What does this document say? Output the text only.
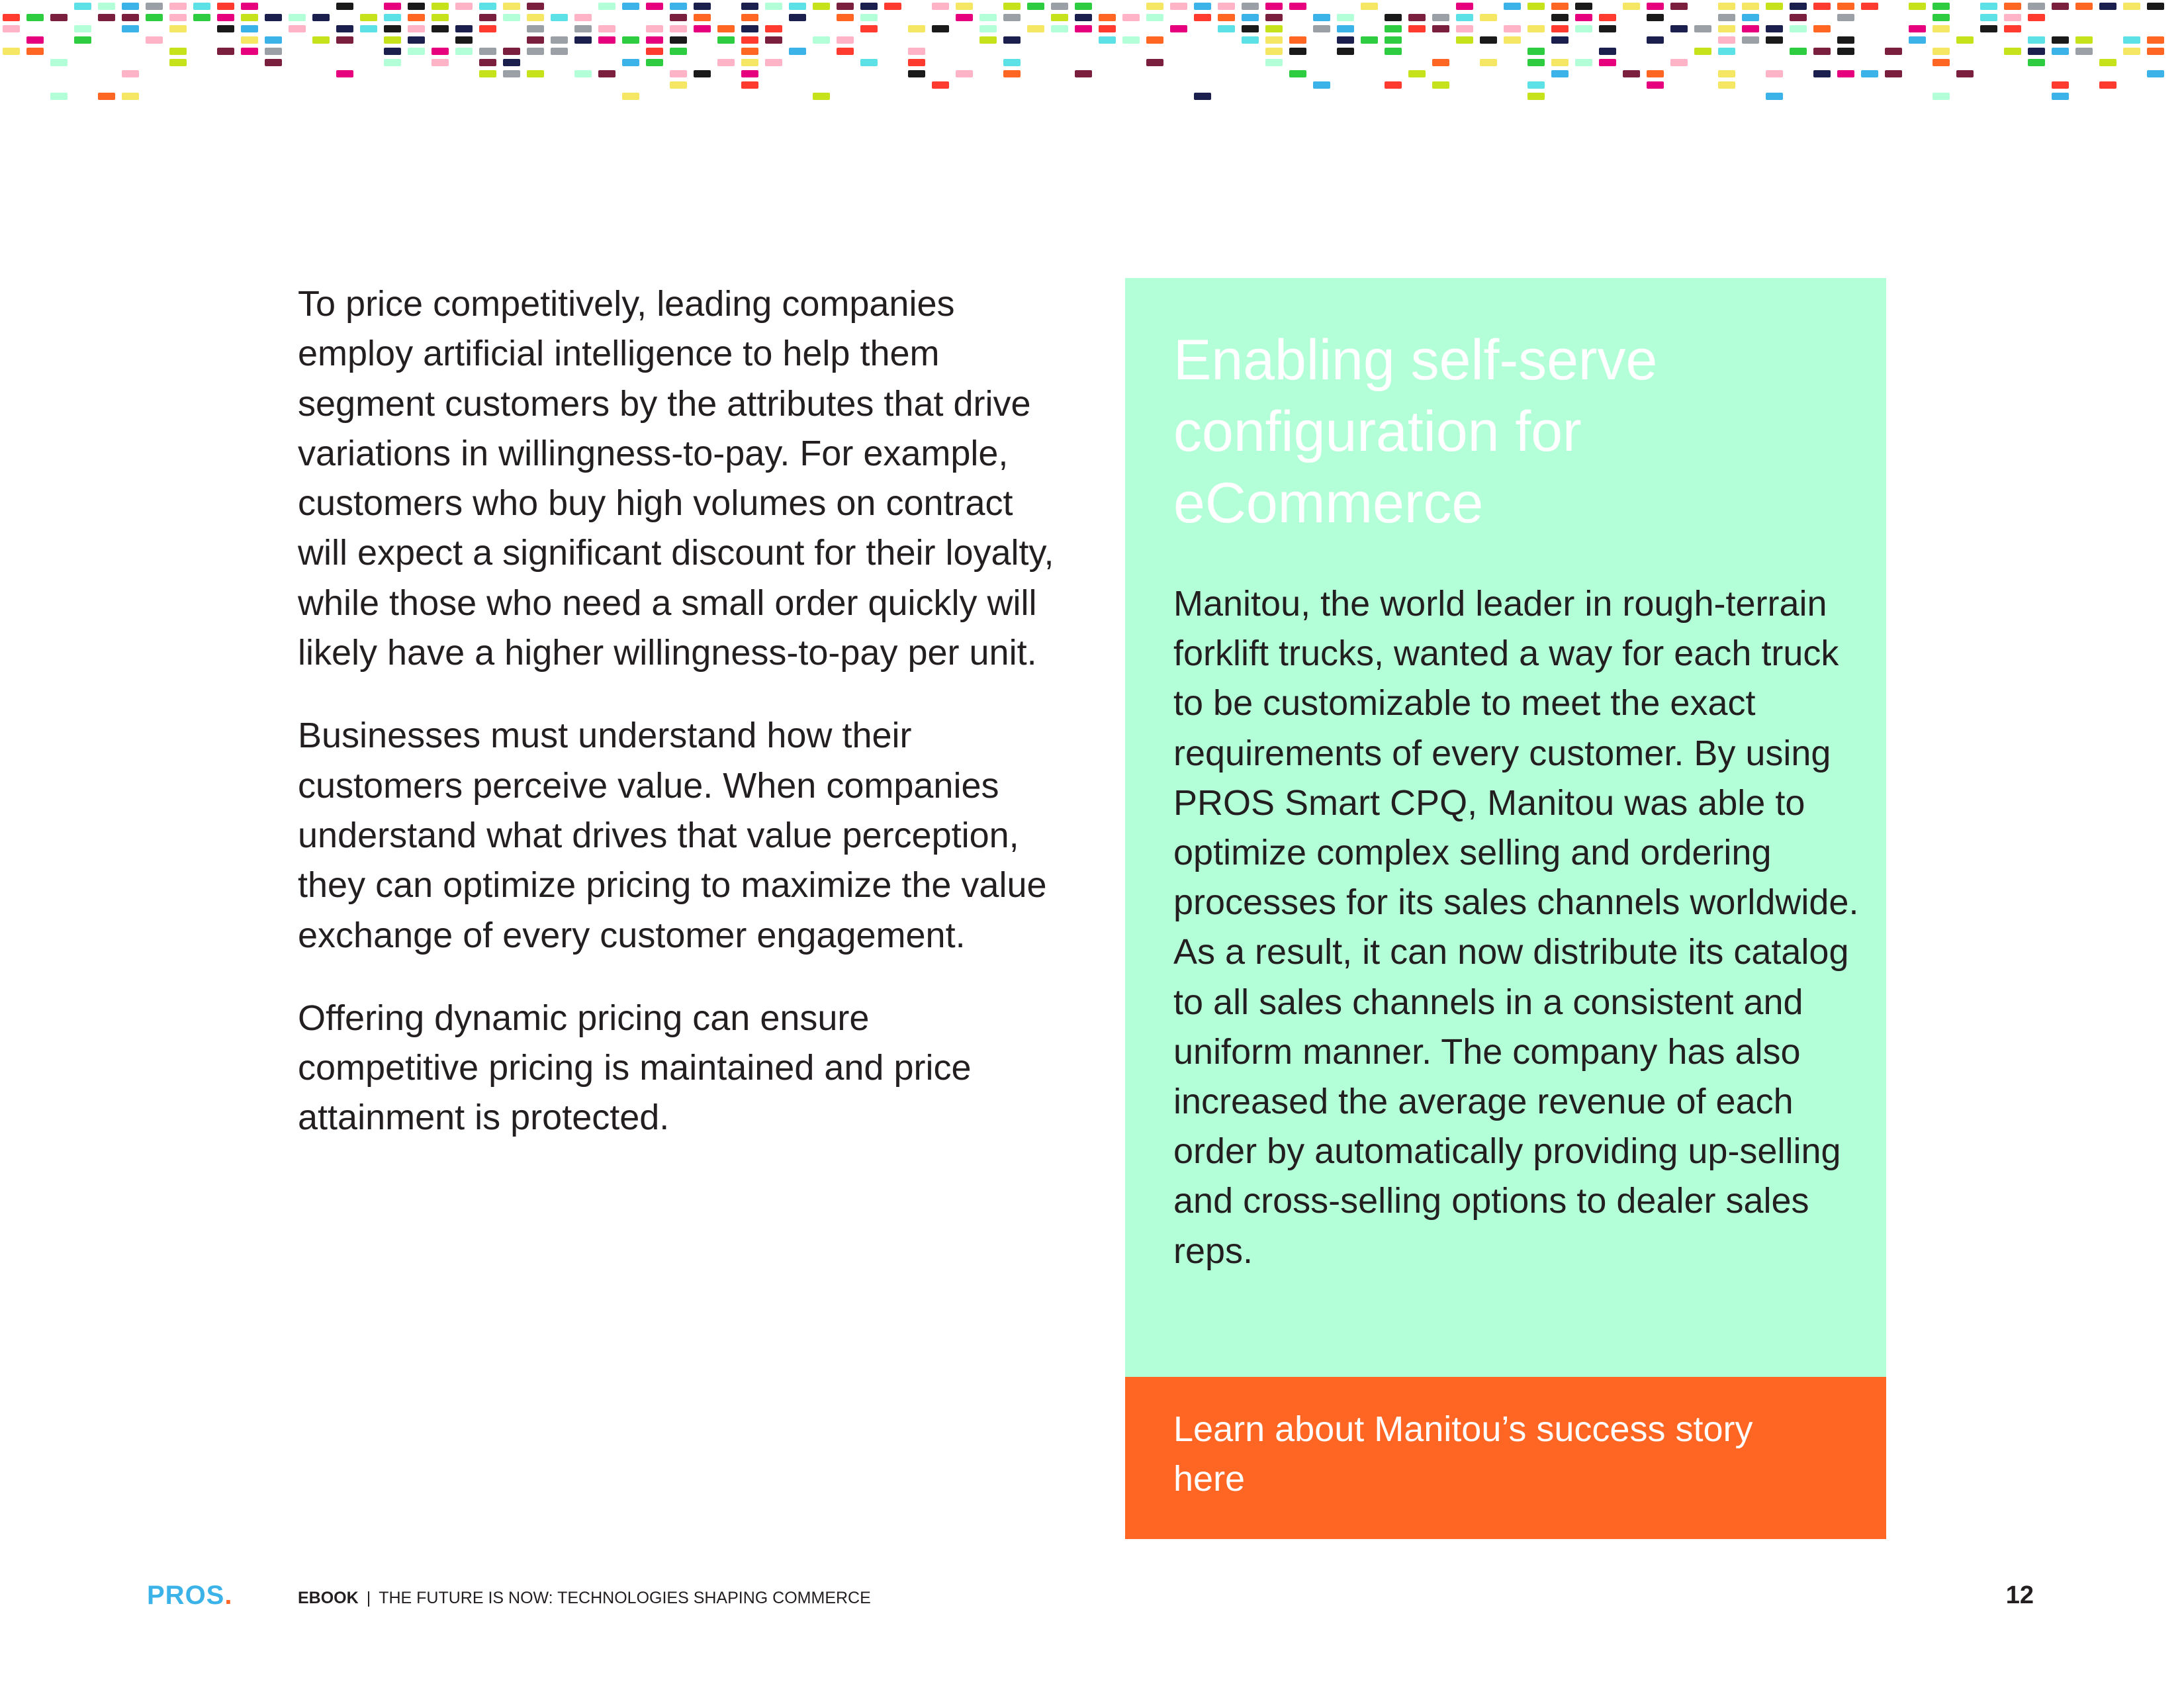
To price competitively, leading companies employ artificial intelligence to help them segment customers by the attributes that drive variations in willingness-to-pay. For example, customers who buy high volumes on contract will expect a significant discount for their loyalty, while those who need a small order quickly will likely have a higher willingness-to-pay per unit.

Businesses must understand how their customers perceive value. When companies understand what drives that value perception, they can optimize pricing to maximize the value exchange of every customer engagement.

Offering dynamic pricing can ensure competitive pricing is maintained and price attainment is protected.

Enabling self-serve configuration for eCommerce

Manitou, the world leader in rough-terrain forklift trucks, wanted a way for each truck to be customizable to meet the exact requirements of every customer. By using PROS Smart CPQ, Manitou was able to optimize complex selling and ordering processes for its sales channels worldwide. As a result, it can now distribute its catalog to all sales channels in a consistent and uniform manner. The company has also increased the average revenue of each order by automatically providing up-selling and cross-selling options to dealer sales reps.

Learn about Manitou’s success story here

PROS.	EBOOK | THE FUTURE IS NOW: TECHNOLOGIES SHAPING COMMERCE	12
